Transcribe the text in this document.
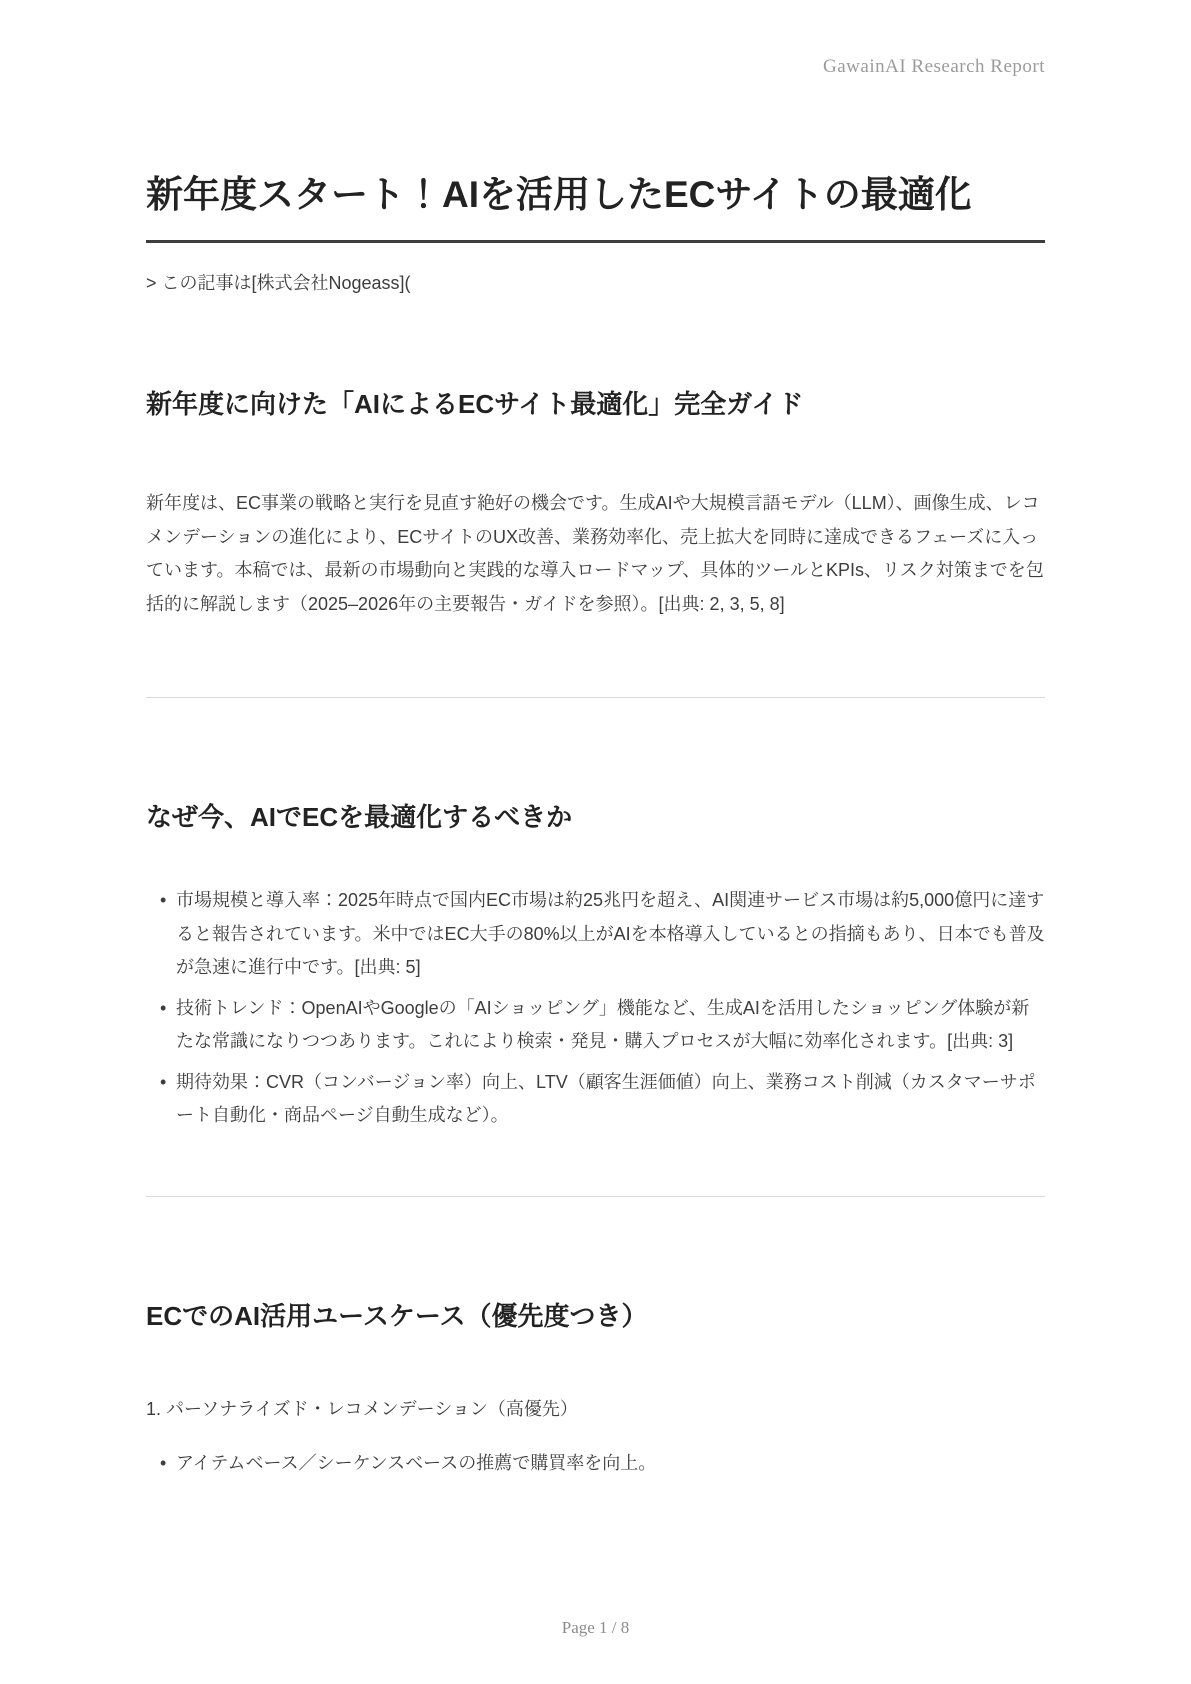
GawainAI Research Report
新年度スタート！AIを活用したECサイトの最適化

> この記事は[株式会社Nogeass](

新年度に向けた「AIによるECサイト最適化」完全ガイド

新年度は、EC事業の戦略と実行を見直す絶好の機会です。生成AIや大規模言語モデル（LLM）、画像生成、レコメンデーションの進化により、ECサイトのUX改善、業務効率化、売上拡大を同時に達成できるフェーズに入っています。本稿では、最新の市場動向と実践的な導入ロードマップ、具体的ツールとKPIs、リスク対策までを包括的に解説します（2025–2026年の主要報告・ガイドを参照）。[出典: 2, 3, 5, 8]

なぜ今、AIでECを最適化するべきか
• 市場規模と導入率：2025年時点で国内EC市場は約25兆円を超え、AI関連サービス市場は約5,000億円に達すると報告されています。米中ではEC大手の80%以上がAIを本格導入しているとの指摘もあり、日本でも普及が急速に進行中です。[出典: 5]
• 技術トレンド：OpenAIやGoogleの「AIショッピング」機能など、生成AIを活用したショッピング体験が新たな常識になりつつあります。これにより検索・発見・購入プロセスが大幅に効率化されます。[出典: 3]
• 期待効果：CVR（コンバージョン率）向上、LTV（顧客生涯価値）向上、業務コスト削減（カスタマーサポート自動化・商品ページ自動生成など）。
ECでのAI活用ユースケース（優先度つき）
1. パーソナライズド・レコメンデーション（高優先）
• アイテムベース／シーケンスベースの推薦で購買率を向上。
Page 1 / 8
